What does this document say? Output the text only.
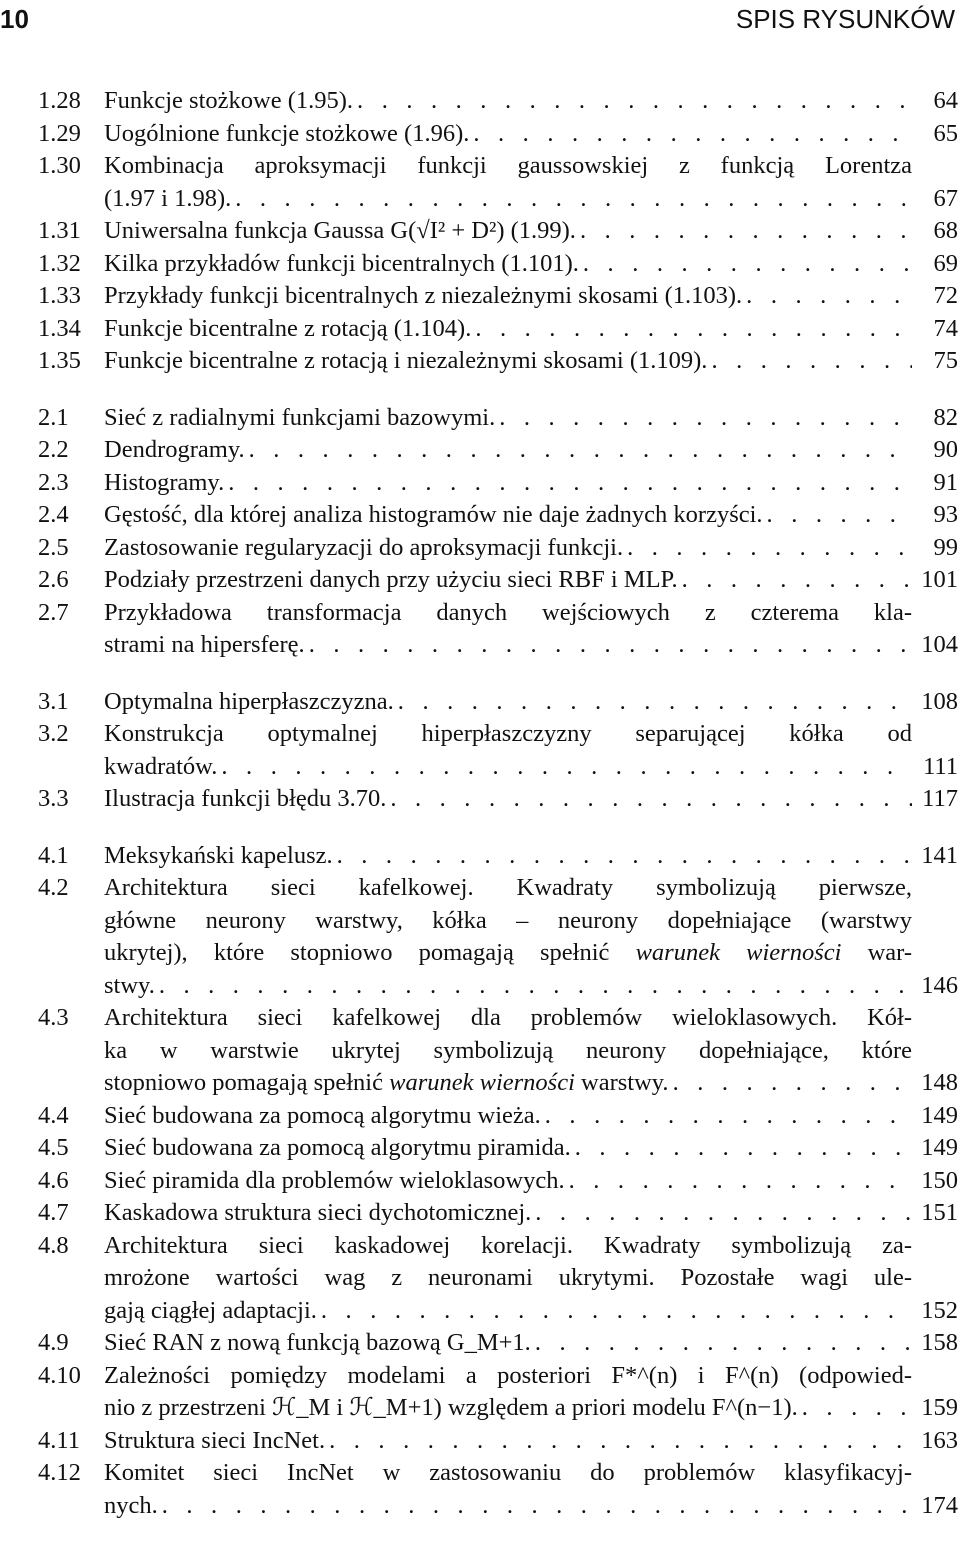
10	SPIS RYSUNKÓW
1.28 Funkcje stożkowe (1.95). . . .	64
1.29 Uogólnione funkcje stożkowe (1.96). . . .	65
1.30 Kombinacja aproksymacji funkcji gaussowskiej z funkcją Lorentza
(1.97 i 1.98). . . .	67
1.31 Uniwersalna funkcja Gaussa G(√I² + D²) (1.99). . . .	68
1.32 Kilka przykładów funkcji bicentralnych (1.101). . . .	69
1.33 Przykłady funkcji bicentralnych z niezależnymi skosami (1.103). . . .	72
1.34 Funkcje bicentralne z rotacją (1.104). . . .	74
1.35 Funkcje bicentralne z rotacją i niezależnymi skosami (1.109). . . .	75
2.1	Sieć z radialnymi funkcjami bazowymi. . . .	82
2.2	Dendrogramy. . . .	90
2.3	Histogramy. . . .	91
2.4	Gęstość, dla której analiza histogramów nie daje żadnych korzyści. . . .	93
2.5	Zastosowanie regularyzacji do aproksymacji funkcji. . . .	99
2.6	Podziały przestrzeni danych przy użyciu sieci RBF i MLP. . . .	101
2.7	Przykładowa transformacja danych wejściowych z czterema kla-
strami na hipersferę. . . .	104
3.1	Optymalna hiperpłaszczyzna. . . .	108
3.2	Konstrukcja optymalnej hiperpłaszczyzny separującej kółka od
kwadratów. . . .	111
3.3	Ilustracja funkcji błędu 3.70. . . .	117
4.1	Meksykański kapelusz. . . .	141
4.2	Architektura sieci kafelkowej. Kwadraty symbolizują pierwsze,
główne neurony warstwy, kółka – neurony dopełniające (warstwy
ukrytej), które stopniowo pomagają spełnić warunek wierności war-
stwy. . . .	146
4.3	Architektura sieci kafelkowej dla problemów wieloklasowych. Kół-
ka w warstwie ukrytej symbolizują neurony dopełniające, które
stopniowo pomagają spełnić warunek wierności warstwy. . . .	148
4.4	Sieć budowana za pomocą algorytmu wieża. . . .	149
4.5	Sieć budowana za pomocą algorytmu piramida. . . .	149
4.6	Sieć piramida dla problemów wieloklasowych. . . .	150
4.7	Kaskadowa struktura sieci dychotomicznej. . . .	151
4.8	Architektura sieci kaskadowej korelacji. Kwadraty symbolizują za-
mrożone wartości wag z neuronami ukrytymi. Pozostałe wagi ule-
gają ciągłej adaptacji. . . .	152
4.9	Sieć RAN z nową funkcją bazową G_M+1. . . .	158
4.10 Zależności pomiędzy modelami a posteriori F*^(n) i F^(n) (odpowied-
nio z przestrzeni ℋ_M i ℋ_M+1) względem a priori modelu F^(n−1). . . .	159
4.11 Struktura sieci IncNet. . . .	163
4.12 Komitet sieci IncNet w zastosowaniu do problemów klasyfikacyj-
nych. . . .	174
